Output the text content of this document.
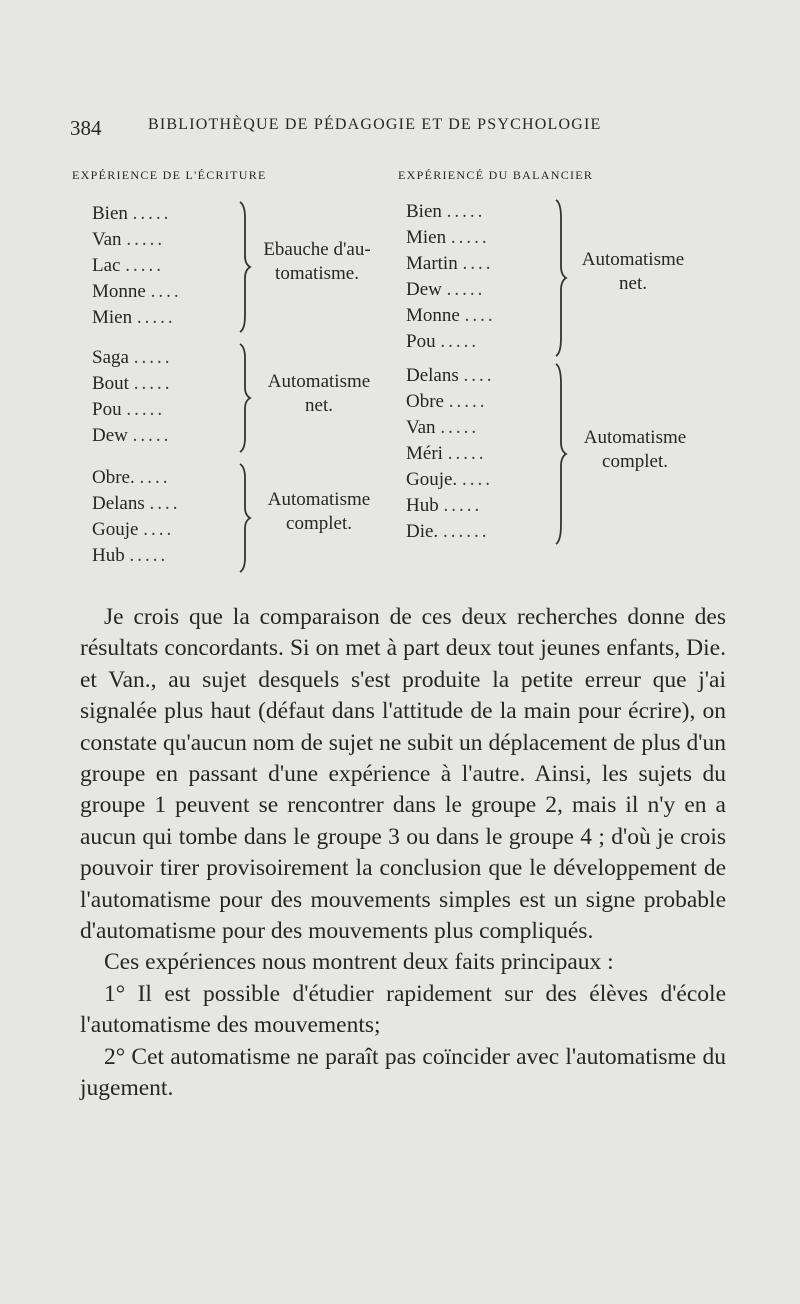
384	BIBLIOTHÈQUE DE PÉDAGOGIE ET DE PSYCHOLOGIE
EXPÉRIENCE DE L'ÉCRITURE	EXPÉRIENCÉ DU BALANCIER
Bien .....
Van .....
Lac .....
Monne ....
Mien .....
Ebauche d'au-
tomatisme.
Saga .....
Bout .....
Pou .....
Dew .....
Automatisme
net.
Obre. ....
Delans ....
Gouje ....
Hub .....
Automatisme
complet.
Bien .....
Mien .....
Martin ....
Dew .....
Monne ....
Pou .....
Automatisme
net.
Delans ....
Obre .....
Van .....
Méri .....
Gouje. ....
Hub .....
Die. ......
Automatisme
complet.

Je crois que la comparaison de ces deux recherches donne des résultats concordants. Si on met à part deux tout jeunes enfants, Die. et Van., au sujet desquels s'est produite la petite erreur que j'ai signalée plus haut (défaut dans l'attitude de la main pour écrire), on constate qu'aucun nom de sujet ne subit un déplacement de plus d'un groupe en passant d'une expérience à l'autre. Ainsi, les sujets du groupe 1 peuvent se rencontrer dans le groupe 2, mais il n'y en a aucun qui tombe dans le groupe 3 ou dans le groupe 4 ; d'où je crois pouvoir tirer provisoirement la conclusion que le développement de l'automatisme pour des mouvements simples est un signe probable d'automatisme pour des mouvements plus compliqués.

Ces expériences nous montrent deux faits principaux :

1° Il est possible d'étudier rapidement sur des élèves d'école l'automatisme des mouvements;

2° Cet automatisme ne paraît pas coïncider avec l'automatisme du jugement.
